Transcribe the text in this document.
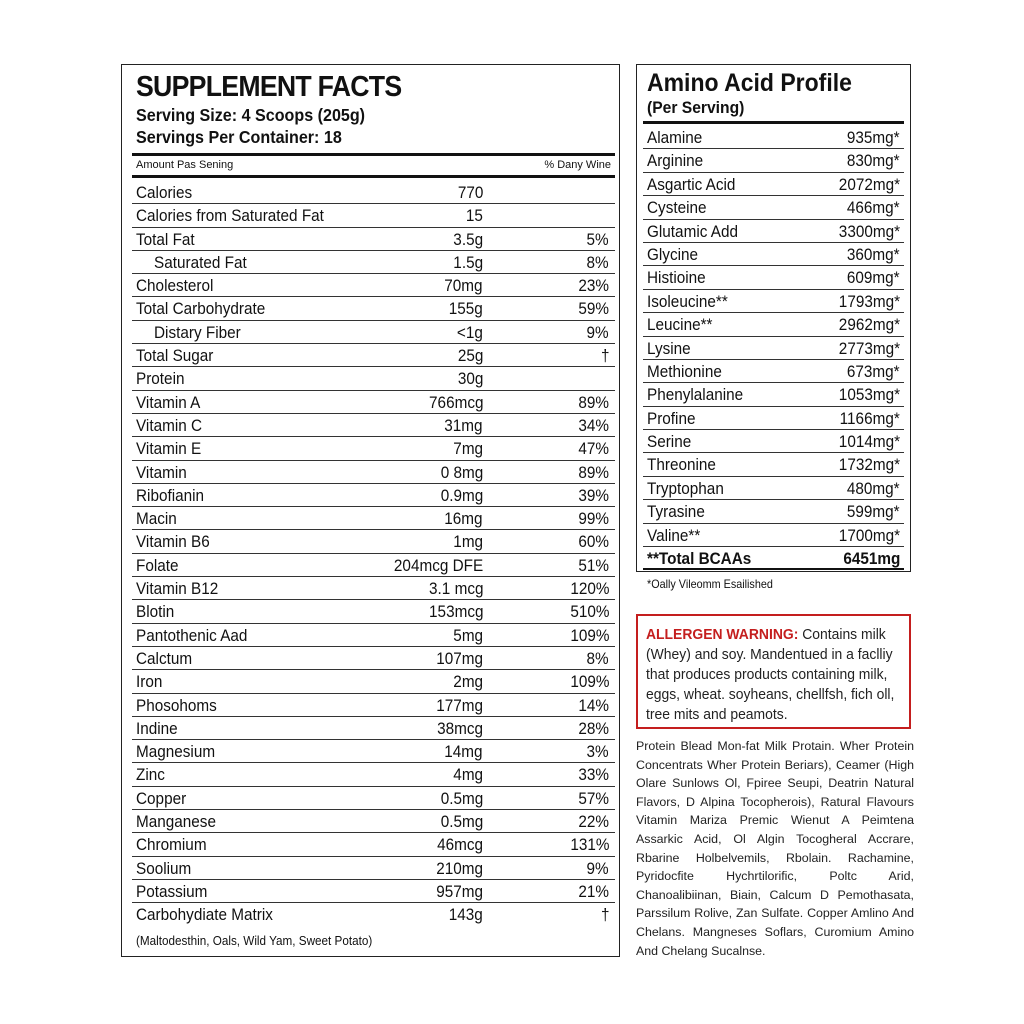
SUPPLEMENT FACTS
Serving Size: 4 Scoops (205g)
Servings Per Container: 18
Amount Pas Sening	% Dany Wine
Calories	770
Calories from Saturated Fat	15
Total Fat	3.5g	5%
Saturated Fat	1.5g	8%
Cholesterol	70mg	23%
Total Carbohydrate	155g	59%
Distary Fiber	<1g	9%
Total Sugar	25g	†
Protein	30g
Vitamin A	766mcg	89%
Vitamin C	31mg	34%
Vitamin E	7mg	47%
Vitamin	0 8mg	89%
Ribofianin	0.9mg	39%
Macin	16mg	99%
Vitamin B6	1mg	60%
Folate	204mcg DFE	51%
Vitamin B12	3.1 mcg	120%
Blotin	153mcg	510%
Pantothenic Aad	5mg	109%
Calctum	107mg	8%
Iron	2mg	109%
Phosohoms	177mg	14%
Indine	38mcg	28%
Magnesium	14mg	3%
Zinc	4mg	33%
Copper	0.5mg	57%
Manganese	0.5mg	22%
Chromium	46mcg	131%
Soolium	210mg	9%
Potassium	957mg	21%
Carbohydiate Matrix	143g	†
(Maltodesthin, Oals, Wild Yam, Sweet Potato)
Amino Acid Profile
(Per Serving)
Alamine	935mg*
Arginine	830mg*
Asgartic Acid	2072mg*
Cysteine	466mg*
Glutamic Add	3300mg*
Glycine	360mg*
Histioine	609mg*
Isoleucine**	1793mg*
Leucine**	2962mg*
Lysine	2773mg*
Methionine	673mg*
Phenylalanine	1053mg*
Profine	1166mg*
Serine	1014mg*
Threonine	1732mg*
Tryptophan	480mg*
Tyrasine	599mg*
Valine**	1700mg*
**Total BCAAs	6451mg
*Oally Vileomm Esailished

ALLERGEN WARNING: Contains milk (Whey) and soy. Mandentued in a faclliy that produces products containing milk, eggs, wheat. soyheans, chellfsh, fich oll, tree mits and peamots.

Protein Blead Mon-fat Milk Protain. Wher Protein Concentrats Wher Protein Beriars), Ceamer (High Olare Sunlows Ol, Fpiree Seupi, Deatrin Natural Flavors, D Alpina Tocopherois), Ratural Flavours Vitamin Mariza Premic Wienut A Peimtena Assarkic Acid, Ol Algin Tocogheral Accrare, Rbarine Holbelvemils, Rbolain. Rachamine, Pyridocfite Hychrtilorific, Poltc Arid, Chanoalibiinan, Biain, Calcum D Pemothasata, Parssilum Rolive, Zan Sulfate. Copper Amlino And Chelans. Mangneses Soflars, Curomium Amino And Chelang Sucalnse.
